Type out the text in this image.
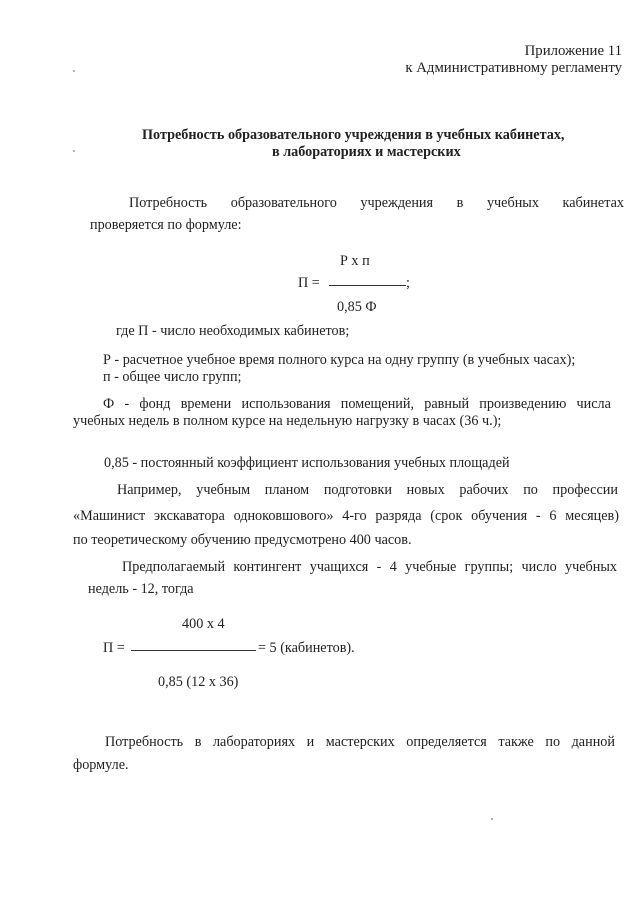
Приложение 11
к Административному регламенту
Потребность образовательного учреждения в учебных кабинетах,
в лабораториях и мастерских
Потребность образовательного учреждения в учебных кабинетах
проверяется по формуле:
Р х п
П =	;
0,85 Ф
где П - число необходимых кабинетов;
Р - расчетное учебное время полного курса на одну группу (в учебных часах);
п - общее число групп;
Ф - фонд времени использования помещений, равный произведению числа
учебных недель в полном курсе на недельную нагрузку в часах (36 ч.);
0,85 - постоянный коэффициент использования учебных площадей
Например, учебным планом подготовки новых рабочих по профессии
«Машинист экскаватора одноковшового» 4-го разряда (срок обучения - 6 месяцев)
по теоретическому обучению предусмотрено 400 часов.
Предполагаемый контингент учащихся - 4 учебные группы; число учебных
недель - 12, тогда
400 х 4
П =	= 5 (кабинетов).
0,85 (12 х 36)
Потребность в лабораториях и мастерских определяется также по данной
формуле.
